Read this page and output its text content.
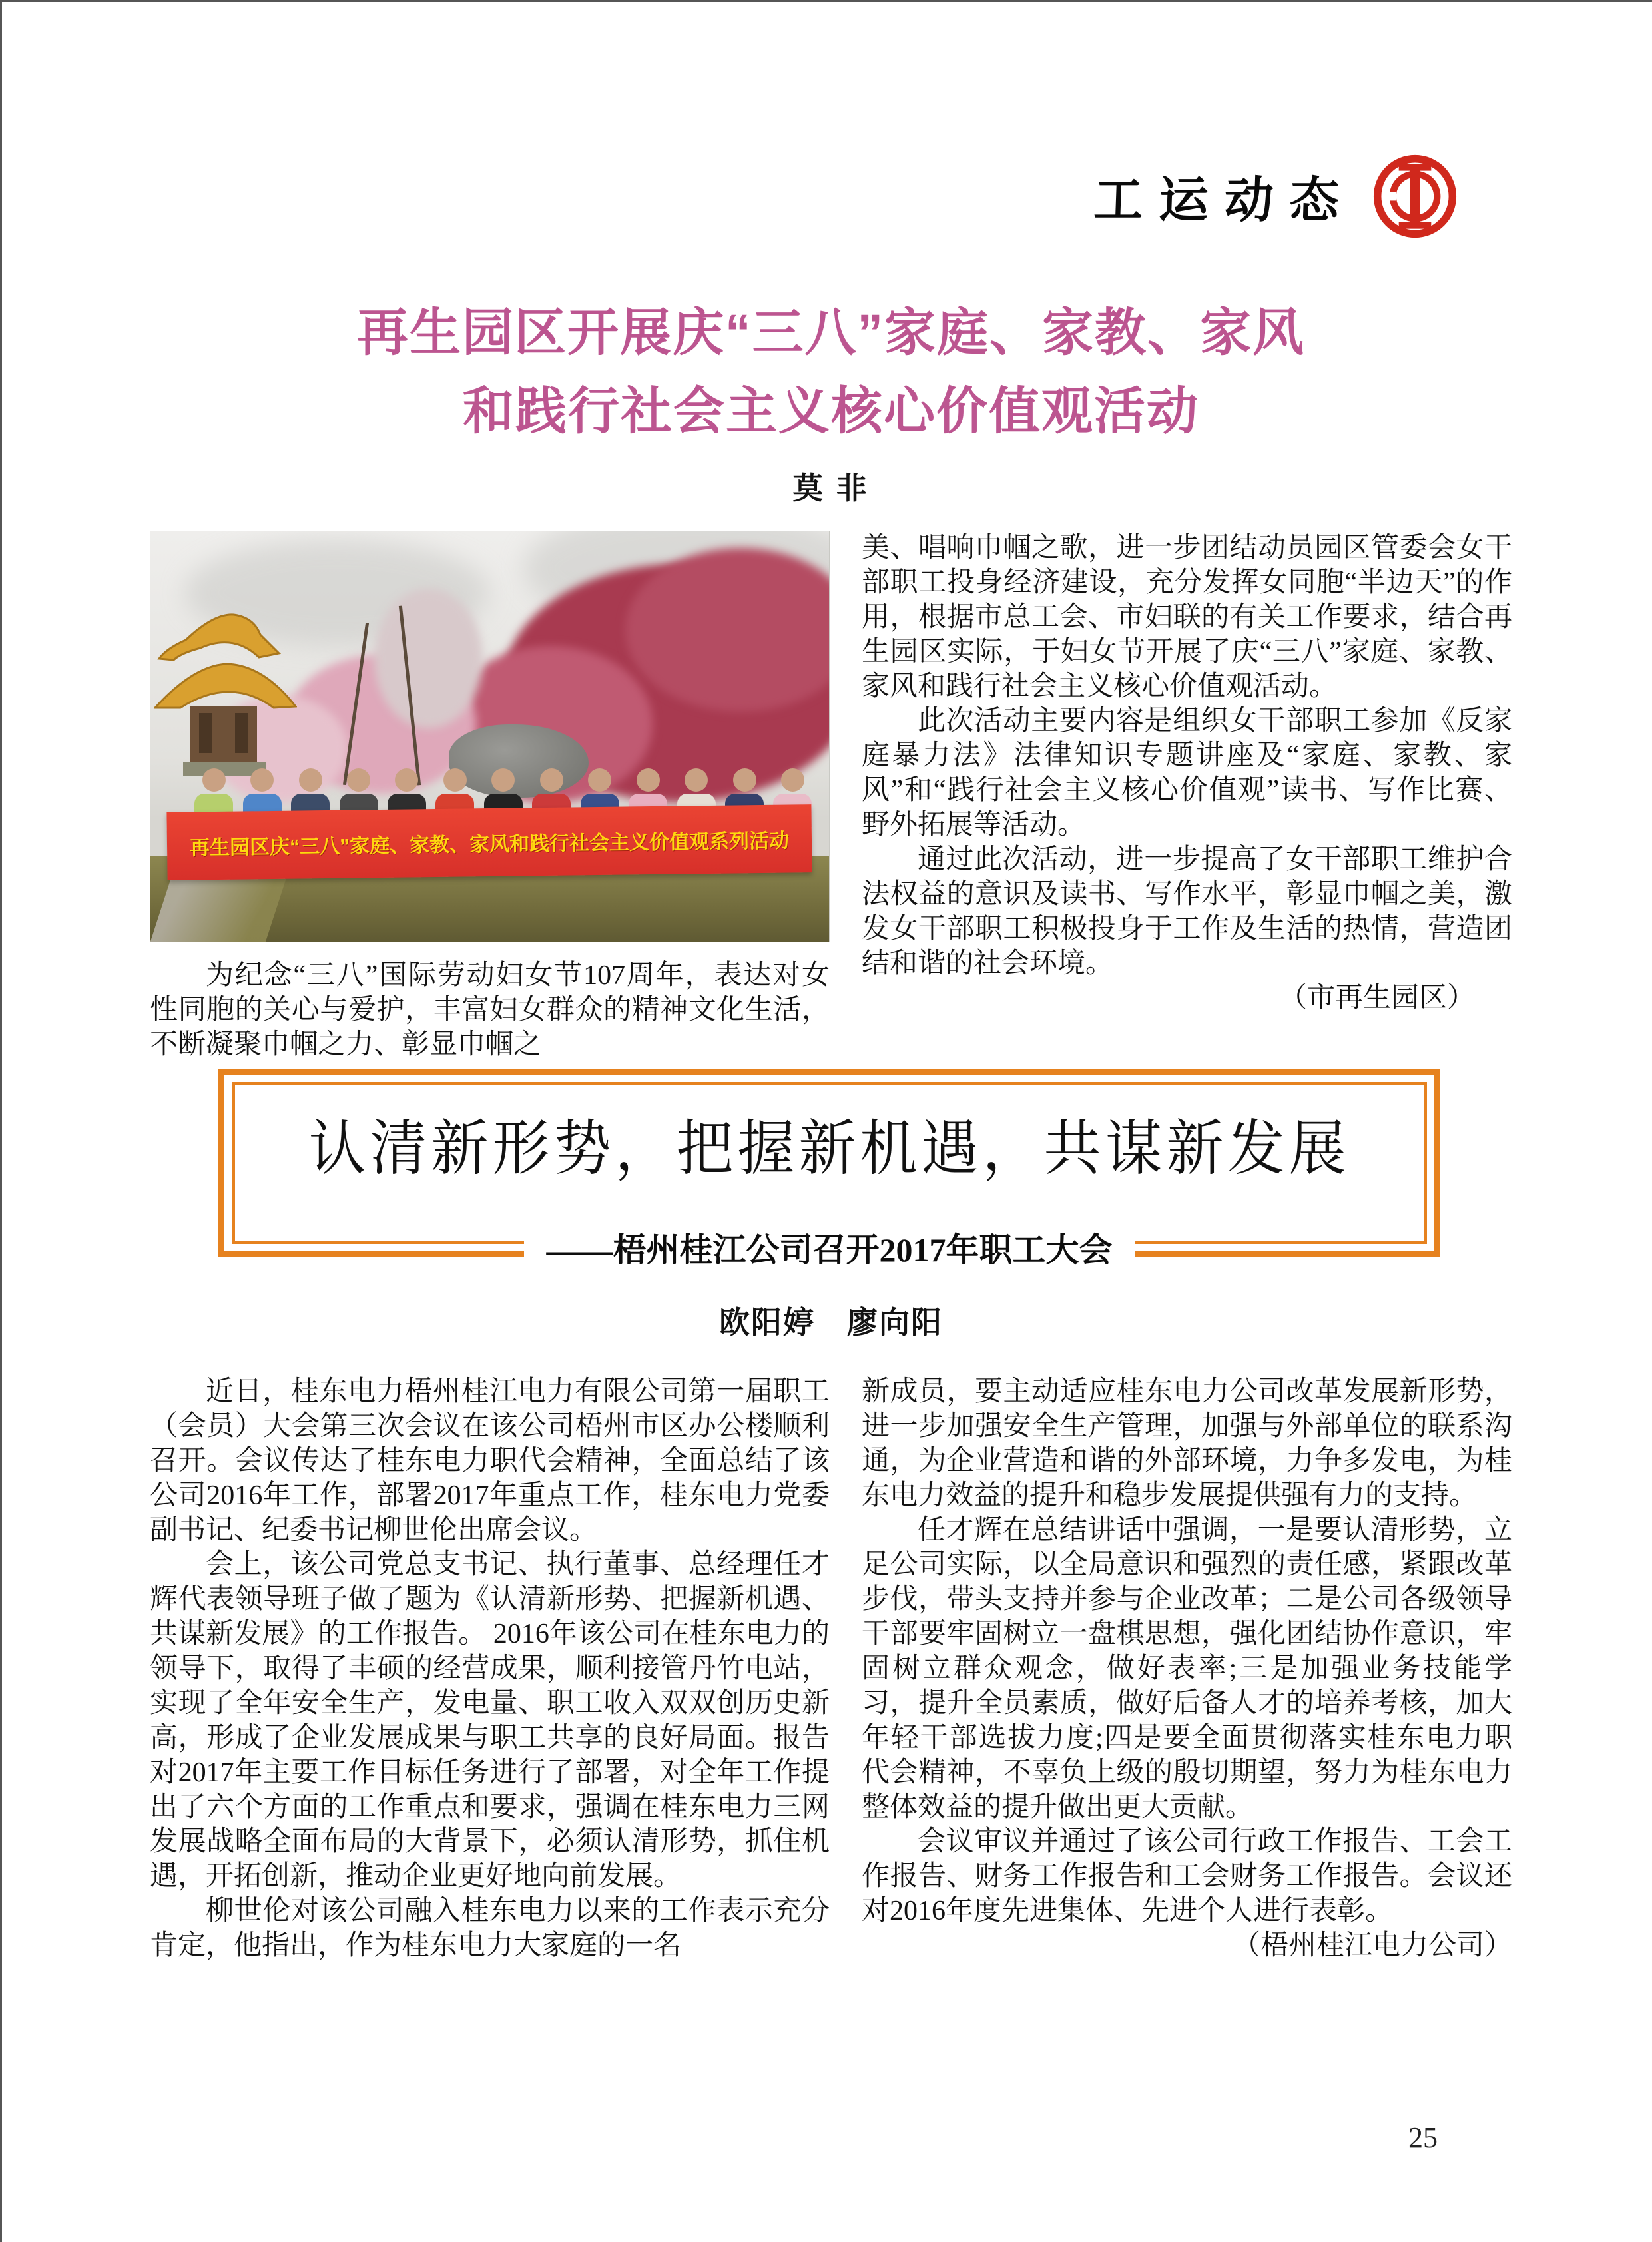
工运动态
再生园区开展庆“三八”家庭、家教、家风
和践行社会主义核心价值观活动
莫 非
再生园区庆“三八”家庭、家教、家风和践行社会主义价值观系列活动

为纪念“三八”国际劳动妇女节107周年，表达对女性同胞的关心与爱护，丰富妇女群众的精神文化生活，不断凝聚巾帼之力、彰显巾帼之

美、唱响巾帼之歌，进一步团结动员园区管委会女干部职工投身经济建设，充分发挥女同胞“半边天”的作用，根据市总工会、市妇联的有关工作要求，结合再生园区实际，于妇女节开展了庆“三八”家庭、家教、家风和践行社会主义核心价值观活动。

此次活动主要内容是组织女干部职工参加《反家庭暴力法》法律知识专题讲座及“家庭、家教、家风”和“践行社会主义核心价值观”读书、写作比赛、野外拓展等活动。

通过此次活动，进一步提高了女干部职工维护合法权益的意识及读书、写作水平，彰显巾帼之美，激发女干部职工积极投身于工作及生活的热情，营造团结和谐的社会环境。

（市再生园区）

认清新形势，把握新机遇，共谋新发展
——梧州桂江公司召开2017年职工大会
欧阳婷　廖向阳

近日，桂东电力梧州桂江电力有限公司第一届职工（会员）大会第三次会议在该公司梧州市区办公楼顺利召开。会议传达了桂东电力职代会精神，全面总结了该公司2016年工作，部署2017年重点工作，桂东电力党委副书记、纪委书记柳世伦出席会议。

会上，该公司党总支书记、执行董事、总经理任才辉代表领导班子做了题为《认清新形势、把握新机遇、共谋新发展》的工作报告。 2016年该公司在桂东电力的领导下，取得了丰硕的经营成果，顺利接管丹竹电站，实现了全年安全生产，发电量、职工收入双双创历史新高，形成了企业发展成果与职工共享的良好局面。报告对2017年主要工作目标任务进行了部署，对全年工作提出了六个方面的工作重点和要求，强调在桂东电力三网发展战略全面布局的大背景下，必须认清形势，抓住机遇，开拓创新，推动企业更好地向前发展。

柳世伦对该公司融入桂东电力以来的工作表示充分肯定，他指出，作为桂东电力大家庭的一名

新成员，要主动适应桂东电力公司改革发展新形势，进一步加强安全生产管理，加强与外部单位的联系沟通，为企业营造和谐的外部环境，力争多发电，为桂东电力效益的提升和稳步发展提供强有力的支持。

任才辉在总结讲话中强调，一是要认清形势，立足公司实际，以全局意识和强烈的责任感，紧跟改革步伐，带头支持并参与企业改革；二是公司各级领导干部要牢固树立一盘棋思想，强化团结协作意识，牢固树立群众观念，做好表率;三是加强业务技能学习，提升全员素质，做好后备人才的培养考核，加大年轻干部选拔力度;四是要全面贯彻落实桂东电力职代会精神，不辜负上级的殷切期望，努力为桂东电力整体效益的提升做出更大贡献。

会议审议并通过了该公司行政工作报告、工会工作报告、财务工作报告和工会财务工作报告。会议还对2016年度先进集体、先进个人进行表彰。
（梧州桂江电力公司）

25
